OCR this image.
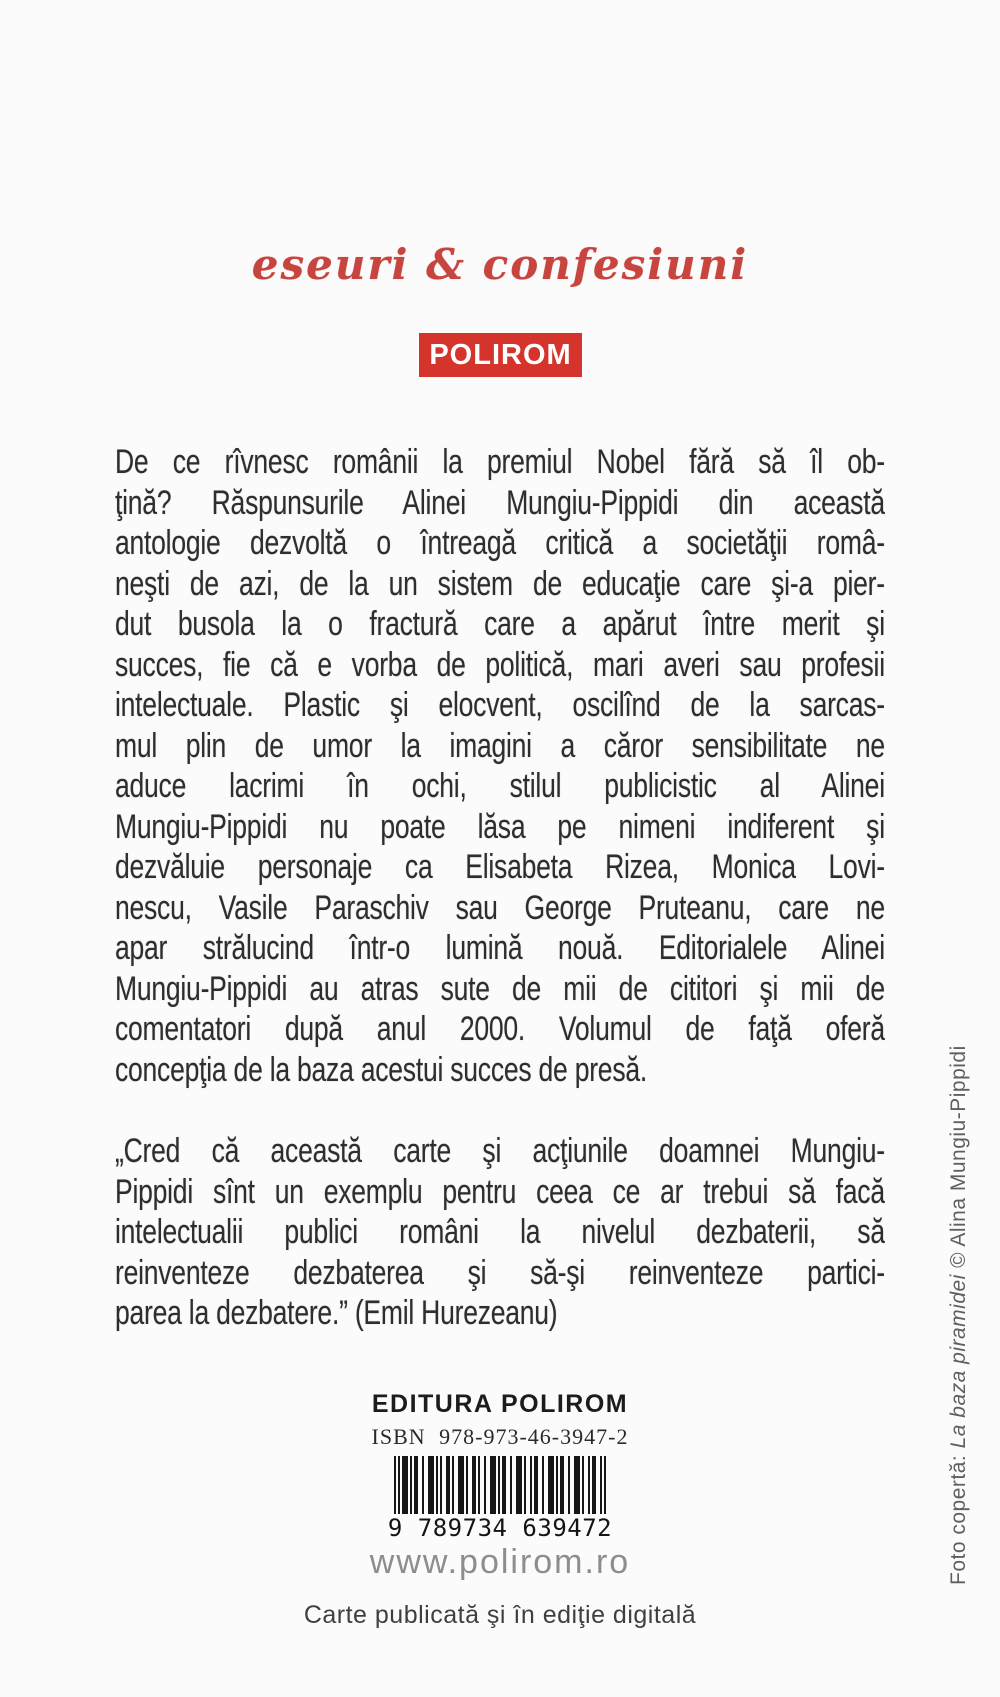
eseuri & confesiuni
POLIROM
De ce rîvnesc românii la premiul Nobel fără să îl ob-
ţină? Răspunsurile Alinei Mungiu-Pippidi din această
antologie dezvoltă o întreagă critică a societăţii româ-
neşti de azi, de la un sistem de educaţie care şi-a pier-
dut busola la o fractură care a apărut între merit şi
succes, fie că e vorba de politică, mari averi sau profesii
intelectuale. Plastic şi elocvent, oscilînd de la sarcas-
mul plin de umor la imagini a căror sensibilitate ne
aduce lacrimi în ochi, stilul publicistic al Alinei
Mungiu-Pippidi nu poate lăsa pe nimeni indiferent şi
dezvăluie personaje ca Elisabeta Rizea, Monica Lovi-
nescu, Vasile Paraschiv sau George Pruteanu, care ne
apar strălucind într-o lumină nouă. Editorialele Alinei
Mungiu-Pippidi au atras sute de mii de cititori şi mii de
comentatori după anul 2000. Volumul de faţă oferă
concepţia de la baza acestui succes de presă.
„Cred că această carte şi acţiunile doamnei Mungiu-
Pippidi sînt un exemplu pentru ceea ce ar trebui să facă
intelectualii publici români la nivelul dezbaterii, să
reinventeze dezbaterea şi să-şi reinventeze partici-
parea la dezbatere.” (Emil Hurezeanu)
EDITURA POLIROM
ISBN 978-973-46-3947-2
9 789734 639472
www.polirom.ro
Carte publicată şi în ediţie digitală
Foto copertă: La baza piramidei © Alina Mungiu-Pippidi
